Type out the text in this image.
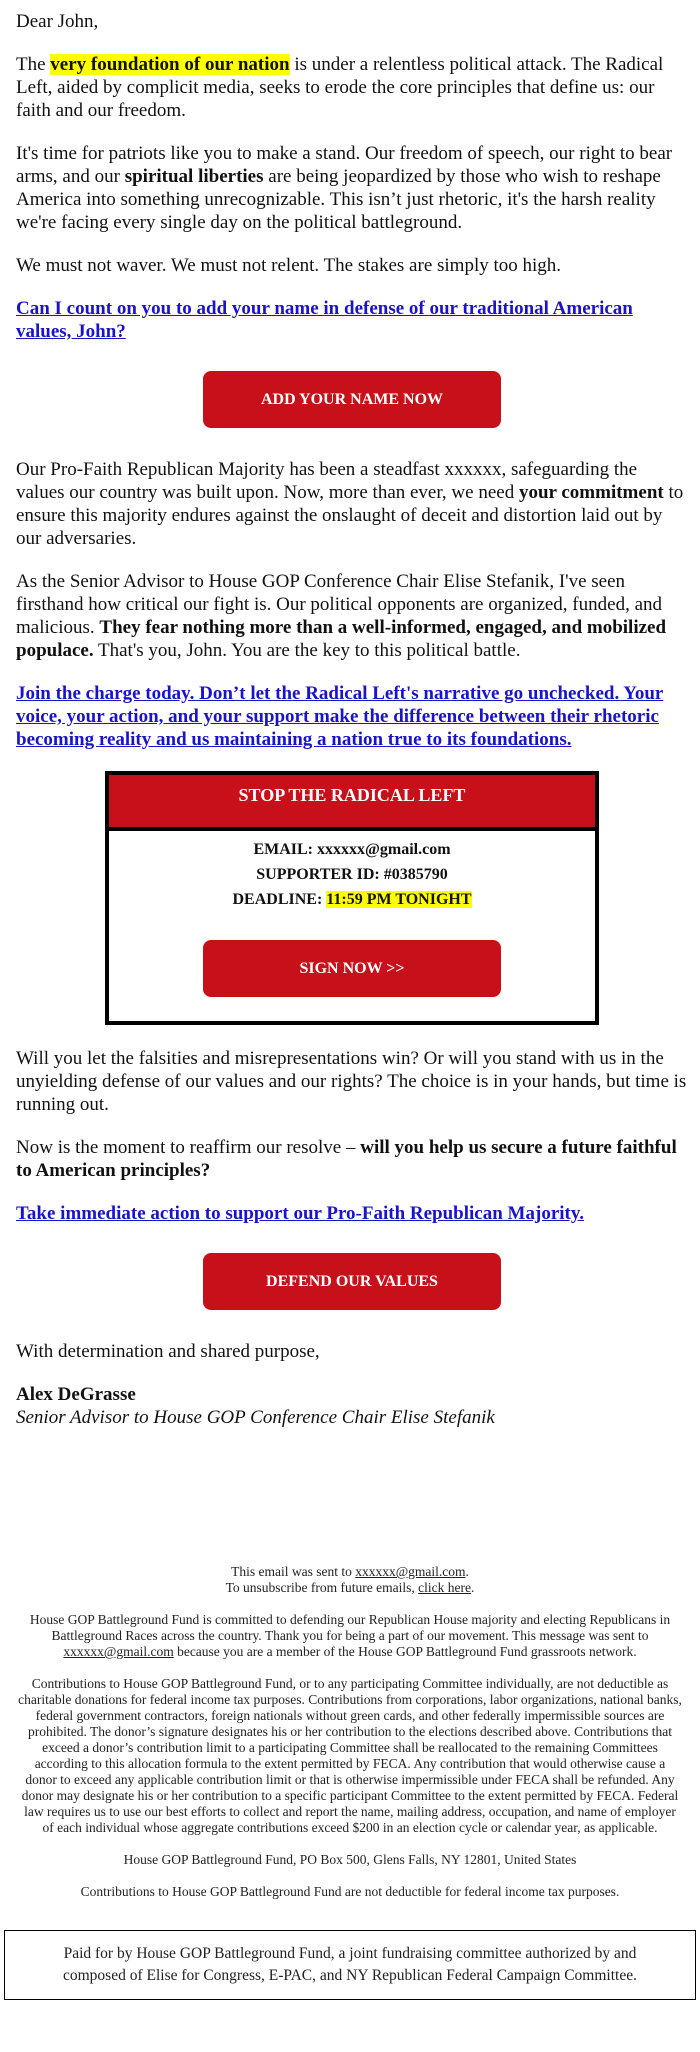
Dear John,

The very foundation of our nation is under a relentless political attack. The Radical Left, aided by complicit media, seeks to erode the core principles that define us: our faith and our freedom.

It's time for patriots like you to make a stand. Our freedom of speech, our right to bear arms, and our spiritual liberties are being jeopardized by those who wish to reshape America into something unrecognizable. This isn’t just rhetoric, it's the harsh reality we're facing every single day on the political battleground.

We must not waver. We must not relent. The stakes are simply too high.

Can I count on you to add your name in defense of our traditional American values, John?

ADD YOUR NAME NOW

Our Pro-Faith Republican Majority has been a steadfast xxxxxx, safeguarding the values our country was built upon. Now, more than ever, we need your commitment to ensure this majority endures against the onslaught of deceit and distortion laid out by our adversaries.

As the Senior Advisor to House GOP Conference Chair Elise Stefanik, I've seen firsthand how critical our fight is. Our political opponents are organized, funded, and malicious. They fear nothing more than a well-informed, engaged, and mobilized populace. That's you, John. You are the key to this political battle.

Join the charge today. Don’t let the Radical Left's narrative go unchecked. Your voice, your action, and your support make the difference between their rhetoric becoming reality and us maintaining a nation true to its foundations.

STOP THE RADICAL LEFT
EMAIL: xxxxxx@gmail.com
SUPPORTER ID: #0385790
DEADLINE: 11:59 PM TONIGHT
SIGN NOW >>

Will you let the falsities and misrepresentations win? Or will you stand with us in the unyielding defense of our values and our rights? The choice is in your hands, but time is running out.

Now is the moment to reaffirm our resolve – will you help us secure a future faithful to American principles?

Take immediate action to support our Pro-Faith Republican Majority.

DEFEND OUR VALUES

With determination and shared purpose,

Alex DeGrasse

Senior Advisor to House GOP Conference Chair Elise Stefanik

This email was sent to xxxxxx@gmail.com.
To unsubscribe from future emails, click here.

House GOP Battleground Fund is committed to defending our Republican House majority and electing Republicans in Battleground Races across the country. Thank you for being a part of our movement. This message was sent to xxxxxx@gmail.com because you are a member of the House GOP Battleground Fund grassroots network.

Contributions to House GOP Battleground Fund, or to any participating Committee individually, are not deductible as charitable donations for federal income tax purposes. Contributions from corporations, labor organizations, national banks, federal government contractors, foreign nationals without green cards, and other federally impermissible sources are prohibited. The donor’s signature designates his or her contribution to the elections described above. Contributions that exceed a donor’s contribution limit to a participating Committee shall be reallocated to the remaining Committees according to this allocation formula to the extent permitted by FECA. Any contribution that would otherwise cause a donor to exceed any applicable contribution limit or that is otherwise impermissible under FECA shall be refunded. Any donor may designate his or her contribution to a specific participant Committee to the extent permitted by FECA. Federal law requires us to use our best efforts to collect and report the name, mailing address, occupation, and name of employer of each individual whose aggregate contributions exceed $200 in an election cycle or calendar year, as applicable.

House GOP Battleground Fund, PO Box 500, Glens Falls, NY 12801, United States

Contributions to House GOP Battleground Fund are not deductible for federal income tax purposes.

Paid for by House GOP Battleground Fund, a joint fundraising committee authorized by and composed of Elise for Congress, E-PAC, and NY Republican Federal Campaign Committee.
